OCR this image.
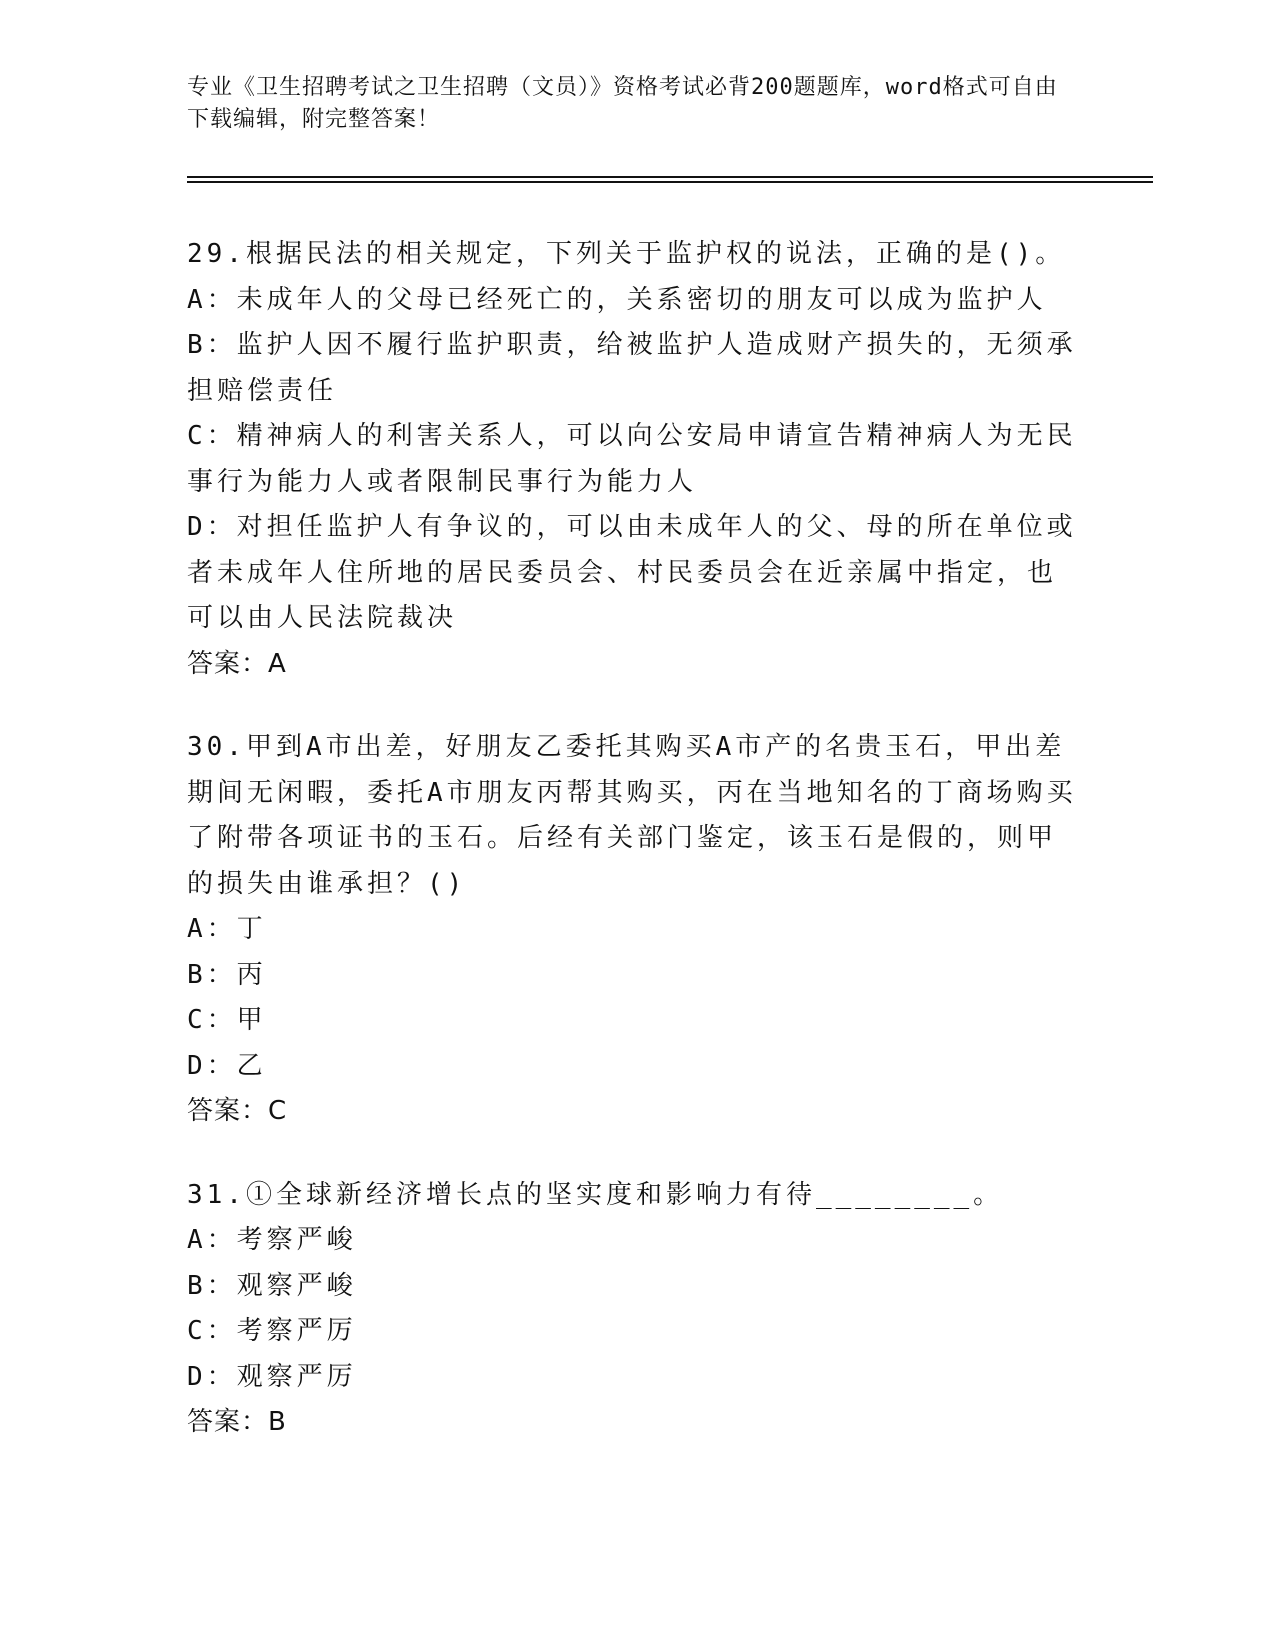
专业《卫生招聘考试之卫生招聘（文员）》资格考试必背200题题库，word格式可自由下载编辑，附完整答案！
29.根据民法的相关规定，下列关于监护权的说法，正确的是()。
A：未成年人的父母已经死亡的，关系密切的朋友可以成为监护人
B：监护人因不履行监护职责，给被监护人造成财产损失的，无须承担赔偿责任
C：精神病人的利害关系人，可以向公安局申请宣告精神病人为无民事行为能力人或者限制民事行为能力人
D：对担任监护人有争议的，可以由未成年人的父、母的所在单位或者未成年人住所地的居民委员会、村民委员会在近亲属中指定，也可以由人民法院裁决
答案：A
30.甲到A市出差，好朋友乙委托其购买A市产的名贵玉石，甲出差期间无闲暇，委托A市朋友丙帮其购买，丙在当地知名的丁商场购买了附带各项证书的玉石。后经有关部门鉴定，该玉石是假的，则甲的损失由谁承担？()
A：丁
B：丙
C：甲
D：乙
答案：C
31.①全球新经济增长点的坚实度和影响力有待________。
A：考察严峻
B：观察严峻
C：考察严厉
D：观察严厉
答案：B
